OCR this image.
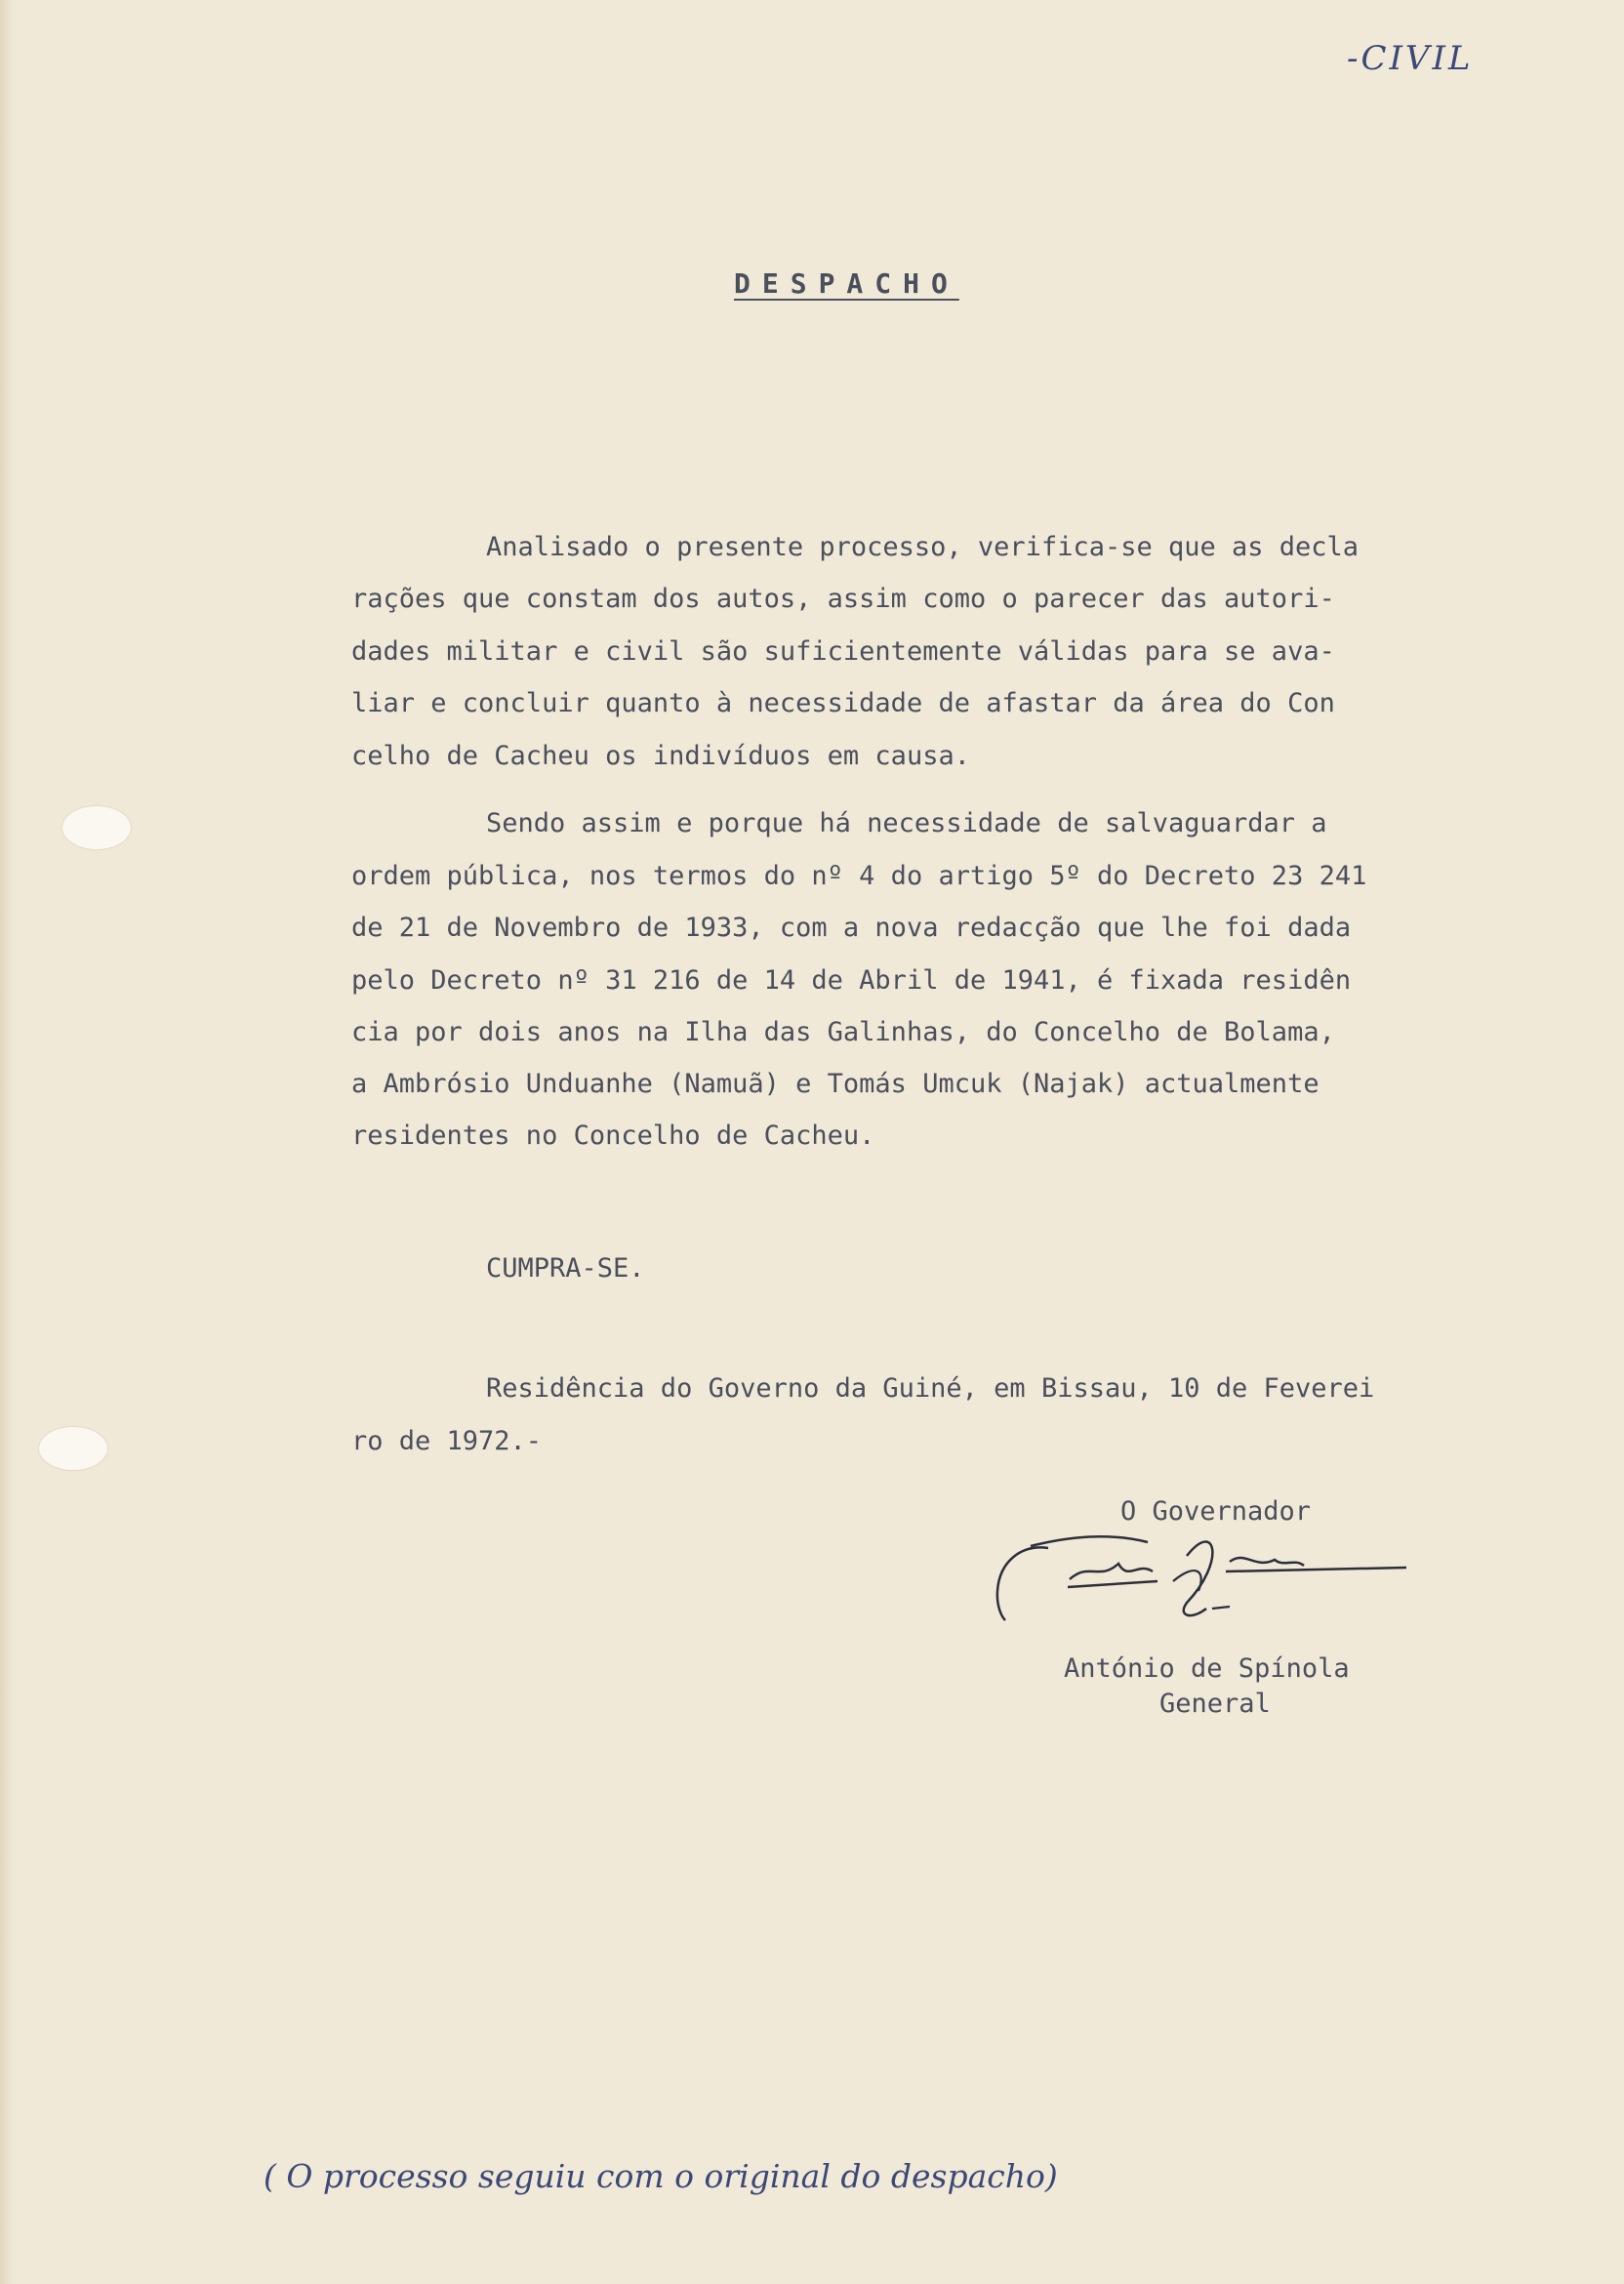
-CIVIL
DESPACHO
Analisado o presente processo, verifica-se que as decla
rações que constam dos autos, assim como o parecer das autori-
dades militar e civil são suficientemente válidas para se ava-
liar e concluir quanto à necessidade de afastar da área do Con
celho de Cacheu os indivíduos em causa.
Sendo assim e porque há necessidade de salvaguardar a
ordem pública, nos termos do nº 4 do artigo 5º do Decreto 23 241
de 21 de Novembro de 1933, com a nova redacção que lhe foi dada
pelo Decreto nº 31 216 de 14 de Abril de 1941, é fixada residên
cia por dois anos na Ilha das Galinhas, do Concelho de Bolama,
a Ambrósio Unduanhe (Namuã) e Tomás Umcuk (Najak) actualmente
residentes no Concelho de Cacheu.
CUMPRA-SE.
Residência do Governo da Guiné, em Bissau, 10 de Feverei
ro de 1972.-
O Governador
António de Spínola
General
( O processo seguiu com o original do despacho)
